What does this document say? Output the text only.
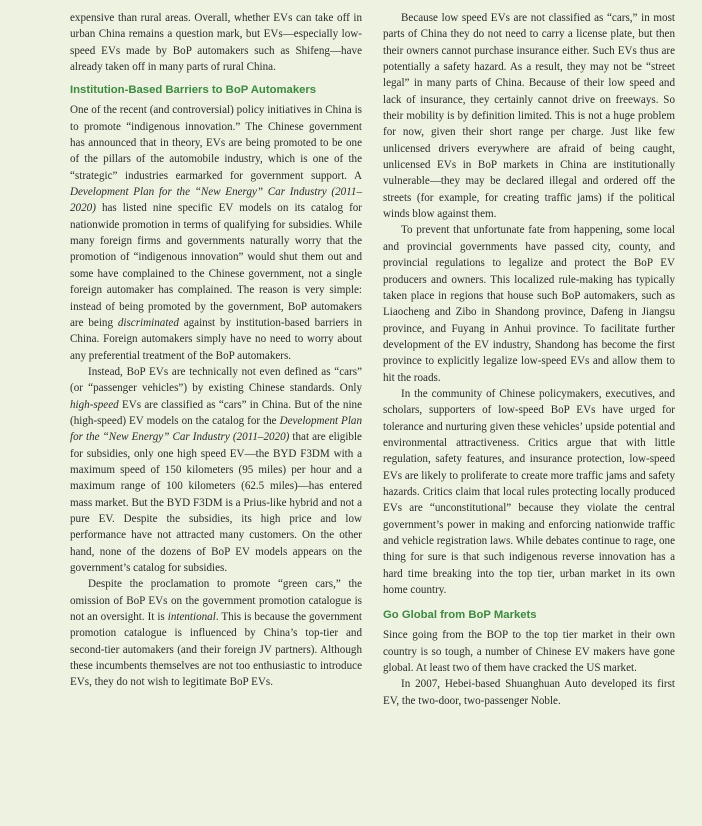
expensive than rural areas. Overall, whether EVs can take off in urban China remains a question mark, but EVs—especially low-speed EVs made by BoP automakers such as Shifeng—have already taken off in many parts of rural China.

Institution-Based Barriers to BoP Automakers

One of the recent (and controversial) policy initiatives in China is to promote “indigenous innovation.” The Chinese government has announced that in theory, EVs are being promoted to be one of the pillars of the automobile industry, which is one of the “strategic” industries earmarked for government support. A Development Plan for the “New Energy” Car Industry (2011–2020) has listed nine specific EV models on its catalog for nationwide promotion in terms of qualifying for subsidies. While many foreign firms and governments naturally worry that the promotion of “indigenous innovation” would shut them out and some have complained to the Chinese government, not a single foreign automaker has complained. The reason is very simple: instead of being promoted by the government, BoP automakers are being discriminated against by institution-based barriers in China. Foreign automakers simply have no need to worry about any preferential treatment of the BoP automakers.

Instead, BoP EVs are technically not even defined as “cars” (or “passenger vehicles”) by existing Chinese standards. Only high-speed EVs are classified as “cars” in China. But of the nine (high-speed) EV models on the catalog for the Development Plan for the “New Energy” Car Industry (2011–2020) that are eligible for subsidies, only one high speed EV—the BYD F3DM with a maximum speed of 150 kilometers (95 miles) per hour and a maximum range of 100 kilometers (62.5 miles)—has entered mass market. But the BYD F3DM is a Prius-like hybrid and not a pure EV. Despite the subsidies, its high price and low performance have not attracted many customers. On the other hand, none of the dozens of BoP EV models appears on the government’s catalog for subsidies.

Despite the proclamation to promote “green cars,” the omission of BoP EVs on the government promotion catalogue is not an oversight. It is intentional. This is because the government promotion catalogue is influenced by China’s top-tier and second-tier automakers (and their foreign JV partners). Although these incumbents themselves are not too enthusiastic to introduce EVs, they do not wish to legitimate BoP EVs.

Because low speed EVs are not classified as “cars,” in most parts of China they do not need to carry a license plate, but then their owners cannot purchase insurance either. Such EVs thus are potentially a safety hazard. As a result, they may not be “street legal” in many parts of China. Because of their low speed and lack of insurance, they certainly cannot drive on freeways. So their mobility is by definition limited. This is not a huge problem for now, given their short range per charge. Just like few unlicensed drivers everywhere are afraid of being caught, unlicensed EVs in BoP markets in China are institutionally vulnerable—they may be declared illegal and ordered off the streets (for example, for creating traffic jams) if the political winds blow against them.

To prevent that unfortunate fate from happening, some local and provincial governments have passed city, county, and provincial regulations to legalize and protect the BoP EV producers and owners. This localized rule-making has typically taken place in regions that house such BoP automakers, such as Liaocheng and Zibo in Shandong province, Dafeng in Jiangsu province, and Fuyang in Anhui province. To facilitate further development of the EV industry, Shandong has become the first province to explicitly legalize low-speed EVs and allow them to hit the roads.

In the community of Chinese policymakers, executives, and scholars, supporters of low-speed BoP EVs have urged for tolerance and nurturing given these vehicles’ upside potential and environmental attractiveness. Critics argue that with little regulation, safety features, and insurance protection, low-speed EVs are likely to proliferate to create more traffic jams and safety hazards. Critics claim that local rules protecting locally produced EVs are “unconstitutional” because they violate the central government’s power in making and enforcing nationwide traffic and vehicle registration laws. While debates continue to rage, one thing for sure is that such indigenous reverse innovation has a hard time breaking into the top tier, urban market in its own home country.

Go Global from BoP Markets

Since going from the BOP to the top tier market in their own country is so tough, a number of Chinese EV makers have gone global. At least two of them have cracked the US market.

In 2007, Hebei-based Shuanghuan Auto developed its first EV, the two-door, two-passenger Noble.
